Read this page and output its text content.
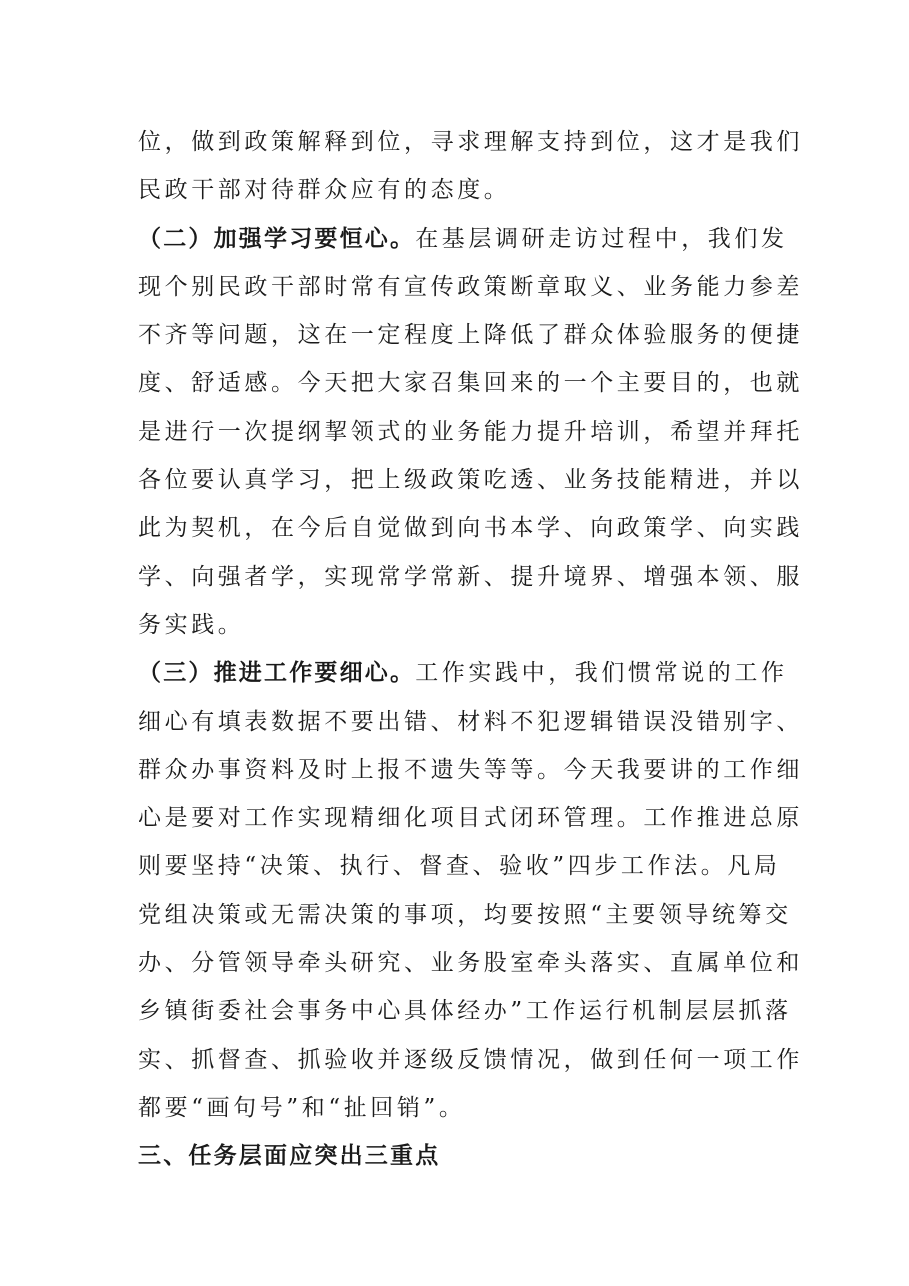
位，做到政策解释到位，寻求理解支持到位，这才是我们
民政干部对待群众应有的态度。
（二）加强学习要恒心。在基层调研走访过程中，我们发
现个别民政干部时常有宣传政策断章取义、业务能力参差
不齐等问题，这在一定程度上降低了群众体验服务的便捷
度、舒适感。今天把大家召集回来的一个主要目的，也就
是进行一次提纲挈领式的业务能力提升培训，希望并拜托
各位要认真学习，把上级政策吃透、业务技能精进，并以
此为契机，在今后自觉做到向书本学、向政策学、向实践
学、向强者学，实现常学常新、提升境界、增强本领、服
务实践。
（三）推进工作要细心。工作实践中，我们惯常说的工作
细心有填表数据不要出错、材料不犯逻辑错误没错别字、
群众办事资料及时上报不遗失等等。今天我要讲的工作细
心是要对工作实现精细化项目式闭环管理。工作推进总原
则要坚持“决策、执行、督查、验收”四步工作法。凡局
党组决策或无需决策的事项，均要按照“主要领导统筹交
办、分管领导牵头研究、业务股室牵头落实、直属单位和
乡镇街委社会事务中心具体经办”工作运行机制层层抓落
实、抓督查、抓验收并逐级反馈情况，做到任何一项工作
都要“画句号”和“扯回销”。
三、任务层面应突出三重点
